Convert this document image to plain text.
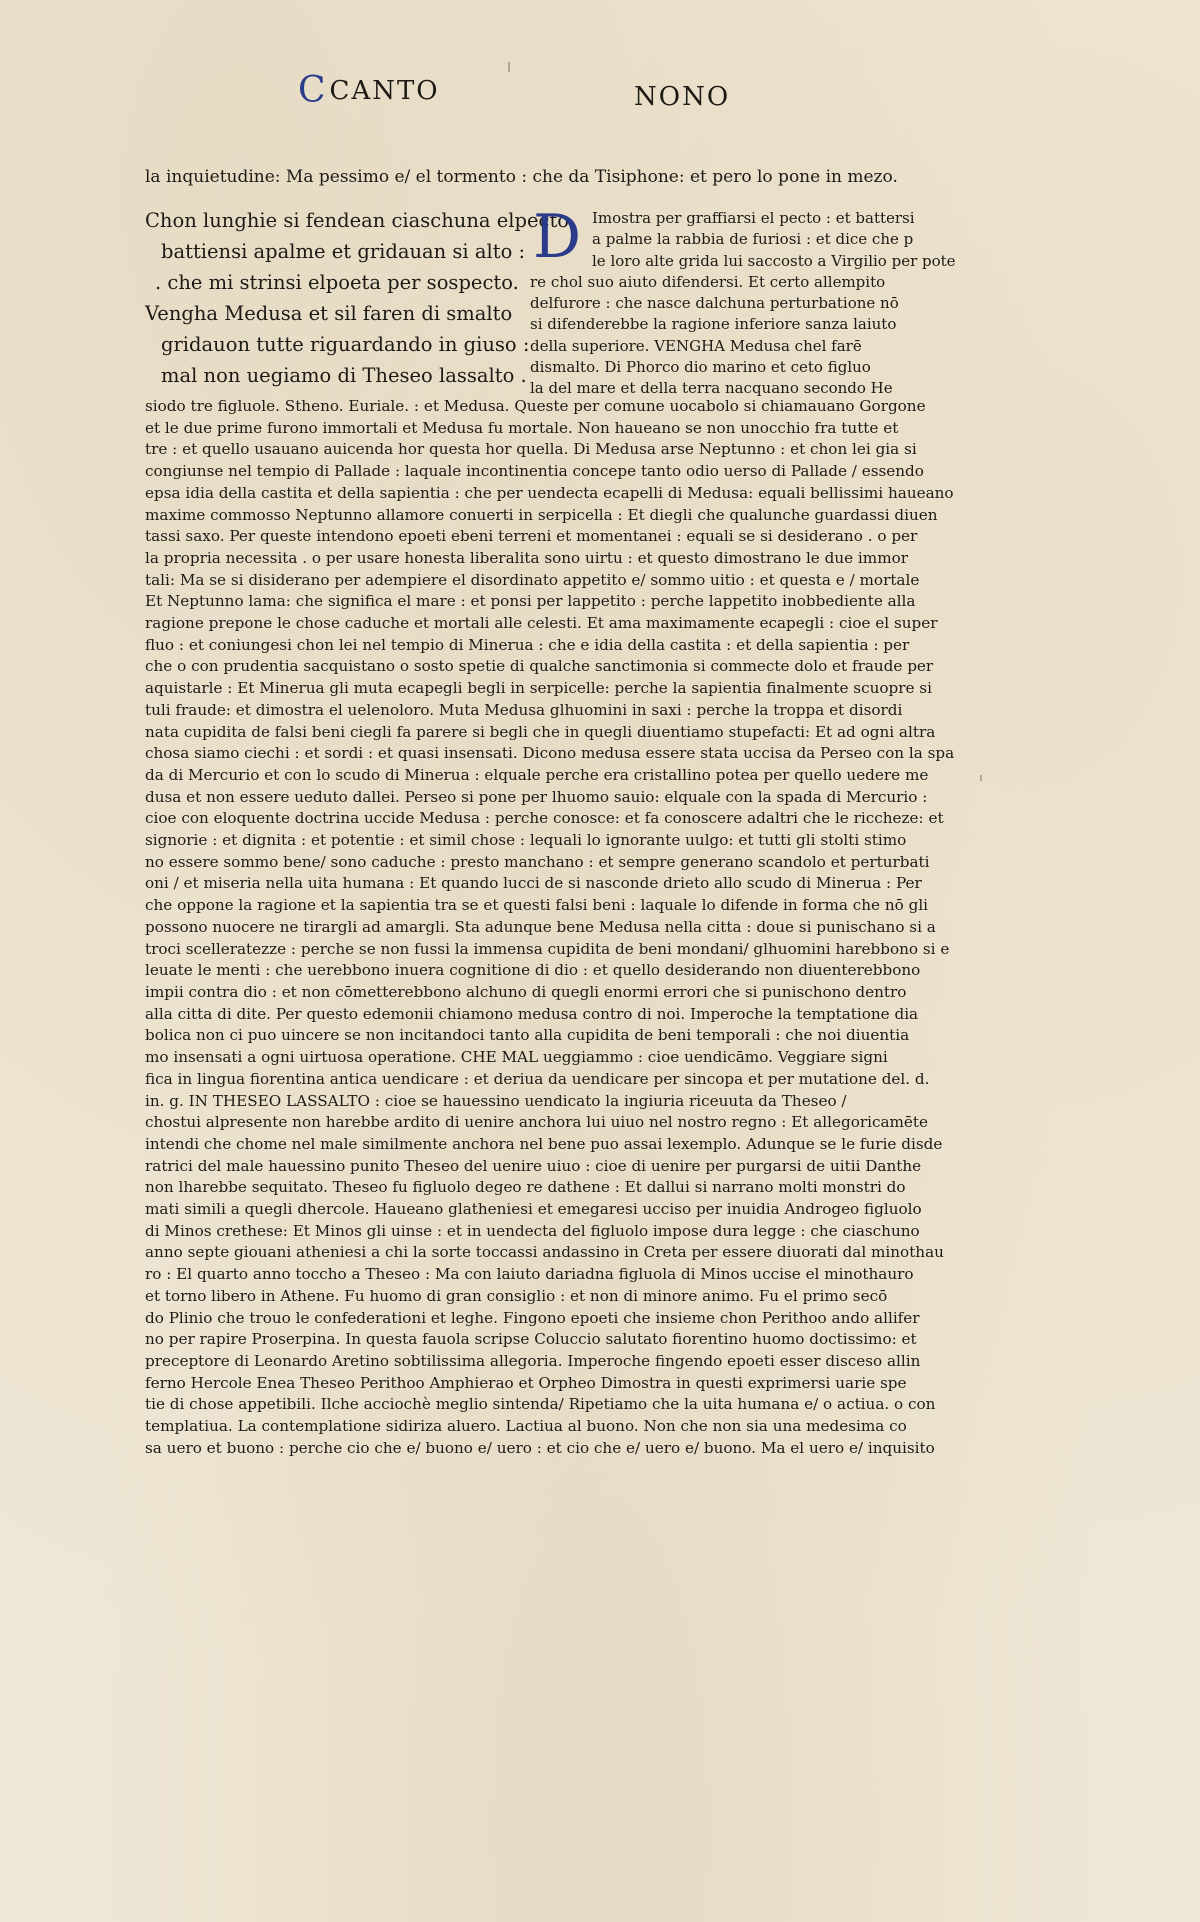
C CANTO	NONO
la inquietudine: Ma pessimo e/ el tormento : che da Tisiphone: et pero lo pone in mezo.
Chon lunghie si fendean ciaschuna elpecto
battiensi apalme et gridauan si alto :
. che mi strinsi elpoeta per sospecto.
Vengha Medusa et sil faren di smalto
gridauon tutte riguardando in giuso :
mal non uegiamo di Theseo lassalto .
D Imostra per graffiarsi el pecto : et battersi
a palme la rabbia de furiosi : et dice che p
le loro alte grida lui saccosto a Virgilio per pote
re chol suo aiuto difendersi. Et certo allempito
delfurore : che nasce dalchuna perturbatione nō
si difenderebbe la ragione inferiore sanza laiuto
della superiore. VENGHA Medusa chel farē
dismalto. Di Phorco dio marino et ceto figluo
la del mare et della terra nacquano secondo He
siodo tre figluole. Stheno. Euriale. : et Medusa. Queste per comune uocabolo si chiamauano Gorgone
et le due prime furono immortali et Medusa fu mortale. Non haueano se non unocchio fra tutte et
tre : et quello usauano auicenda hor questa hor quella. Di Medusa arse Neptunno : et chon lei gia si
congiunse nel tempio di Pallade : laquale incontinentia concepe tanto odio uerso di Pallade / essendo
epsa idia della castita et della sapientia : che per uendecta ecapelli di Medusa: equali bellissimi haueano
maxime commosso Neptunno allamore conuerti in serpicella : Et diegli che qualunche guardassi diuen
tassi saxo. Per queste intendono epoeti ebeni terreni et momentanei : equali se si desiderano . o per
la propria necessita . o per usare honesta liberalita sono uirtu : et questo dimostrano le due immor
tali: Ma se si disiderano per adempiere el disordinato appetito e/ sommo uitio : et questa e / mortale
Et Neptunno lama: che significa el mare : et ponsi per lappetito : perche lappetito inobbediente alla
ragione prepone le chose caduche et mortali alle celesti. Et ama maximamente ecapegli : cioe el super
fluo : et coniungesi chon lei nel tempio di Minerua : che e idia della castita : et della sapientia : per
che o con prudentia sacquistano o sosto spetie di qualche sanctimonia si commecte dolo et fraude per
aquistarle : Et Minerua gli muta ecapegli begli in serpicelle: perche la sapientia finalmente scuopre si
tuli fraude: et dimostra el uelenoloro. Muta Medusa glhuomini in saxi : perche la troppa et disordi
nata cupidita de falsi beni ciegli fa parere si begli che in quegli diuentiamo stupefacti: Et ad ogni altra
chosa siamo ciechi : et sordi : et quasi insensati. Dicono medusa essere stata uccisa da Perseo con la spa
da di Mercurio et con lo scudo di Minerua : elquale perche era cristallino potea per quello uedere me
dusa et non essere ueduto dallei. Perseo si pone per lhuomo sauio: elquale con la spada di Mercurio :
cioe con eloquente doctrina uccide Medusa : perche conosce: et fa conoscere adaltri che le riccheze: et
signorie : et dignita : et potentie : et simil chose : lequali lo ignorante uulgo: et tutti gli stolti stimo
no essere sommo bene/ sono caduche : presto manchano : et sempre generano scandolo et perturbati
oni / et miseria nella uita humana : Et quando lucci de si nasconde drieto allo scudo di Minerua : Per
che oppone la ragione et la sapientia tra se et questi falsi beni : laquale lo difende in forma che nō gli
possono nuocere ne tirargli ad amargli. Sta adunque bene Medusa nella citta : doue si punischano si a
troci scelleratezze : perche se non fussi la immensa cupidita de beni mondani/ glhuomini harebbono si e
leuate le menti : che uerebbono inuera cognitione di dio : et quello desiderando non diuenterebbono
impii contra dio : et non cōmetterebbono alchuno di quegli enormi errori che si punischono dentro
alla citta di dite. Per questo edemonii chiamono medusa contro di noi. Imperoche la temptatione dia
bolica non ci puo uincere se non incitandoci tanto alla cupidita de beni temporali : che noi diuentia
mo insensati a ogni uirtuosa operatione. CHE MAL ueggiammo : cioe uendicāmo. Veggiare signi
fica in lingua fiorentina antica uendicare : et deriua da uendicare per sincopa et per mutatione del. d.
in. g. IN THESEO LASSALTO : cioe se hauessino uendicato la ingiuria riceuuta da Theseo /
chostui alpresente non harebbe ardito di uenire anchora lui uiuo nel nostro regno : Et allegoricamēte
intendi che chome nel male similmente anchora nel bene puo assai lexemplo. Adunque se le furie disde
ratrici del male hauessino punito Theseo del uenire uiuo : cioe di uenire per purgarsi de uitii Danthe
non lharebbe sequitato. Theseo fu figluolo degeo re dathene : Et dallui si narrano molti monstri do
mati simili a quegli dhercole. Haueano glatheniesi et emegaresi ucciso per inuidia Androgeo figluolo
di Minos crethese: Et Minos gli uinse : et in uendecta del figluolo impose dura legge : che ciaschuno
anno septe giouani atheniesi a chi la sorte toccassi andassino in Creta per essere diuorati dal minothau
ro : El quarto anno toccho a Theseo : Ma con laiuto dariadna figluola di Minos uccise el minothauro
et torno libero in Athene. Fu huomo di gran consiglio : et non di minore animo. Fu el primo secō
do Plinio che trouo le confederationi et leghe. Fingono epoeti che insieme chon Perithoo ando allifer
no per rapire Proserpina. In questa fauola scripse Coluccio salutato fiorentino huomo doctissimo: et
preceptore di Leonardo Aretino sobtilissima allegoria. Imperoche fingendo epoeti esser disceso allin
ferno Hercole Enea Theseo Perithoo Amphierao et Orpheo Dimostra in questi exprimersi uarie spe
tie di chose appetibili. Ilche acciochè meglio sintenda/ Ripetiamo che la uita humana e/ o actiua. o con
templatiua. La contemplatione sidiriza aluero. Lactiua al buono. Non che non sia una medesima co
sa uero et buono : perche cio che e/ buono e/ uero : et cio che e/ uero e/ buono. Ma el uero e/ inquisito
